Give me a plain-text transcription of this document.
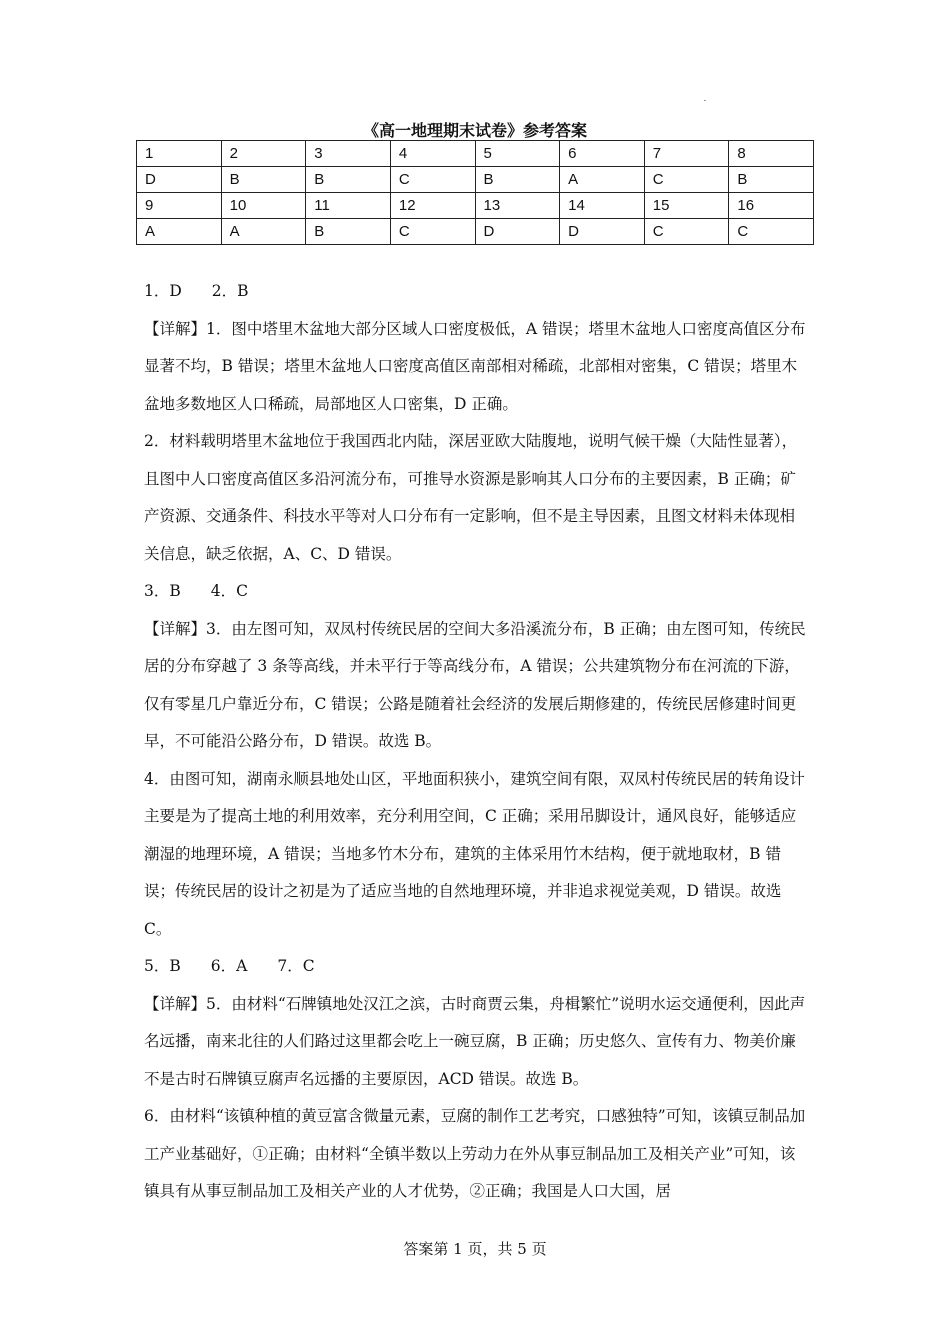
《高一地理期末试卷》参考答案
1	2	3	4	5	6	7	8
D	B	B	C	B	A	C	B
9	10	11	12	13	14	15	16
A	A	B	C	D	D	C	C

1．D 2．B

【详解】1．图中塔里木盆地大部分区域人口密度极低，A 错误；塔里木盆地人口密度高值区分布显著不均，B 错误；塔里木盆地人口密度高值区南部相对稀疏，北部相对密集，C 错误；塔里木盆地多数地区人口稀疏，局部地区人口密集，D 正确。

2．材料载明塔里木盆地位于我国西北内陆，深居亚欧大陆腹地，说明气候干燥（大陆性显著），且图中人口密度高值区多沿河流分布，可推导水资源是影响其人口分布的主要因素，B 正确；矿产资源、交通条件、科技水平等对人口分布有一定影响，但不是主导因素，且图文材料未体现相关信息，缺乏依据，A、C、D 错误。

3．B 4．C

【详解】3．由左图可知，双凤村传统民居的空间大多沿溪流分布，B 正确；由左图可知，传统民居的分布穿越了 3 条等高线，并未平行于等高线分布，A 错误；公共建筑物分布在河流的下游，仅有零星几户靠近分布，C 错误；公路是随着社会经济的发展后期修建的，传统民居修建时间更早，不可能沿公路分布，D 错误。故选 B。

4．由图可知，湖南永顺县地处山区，平地面积狭小，建筑空间有限，双凤村传统民居的转角设计主要是为了提高土地的利用效率，充分利用空间，C 正确；采用吊脚设计，通风良好，能够适应潮湿的地理环境，A 错误；当地多竹木分布，建筑的主体采用竹木结构，便于就地取材，B 错误；传统民居的设计之初是为了适应当地的自然地理环境，并非追求视觉美观，D 错误。故选 C。

5．B 6．A 7．C

【详解】5．由材料“石牌镇地处汉江之滨，古时商贾云集，舟楫繁忙”说明水运交通便利，因此声名远播，南来北往的人们路过这里都会吃上一碗豆腐，B 正确；历史悠久、宣传有力、物美价廉不是古时石牌镇豆腐声名远播的主要原因，ACD 错误。故选 B。

6．由材料“该镇种植的黄豆富含微量元素，豆腐的制作工艺考究，口感独特”可知，该镇豆制品加工产业基础好，①正确；由材料“全镇半数以上劳动力在外从事豆制品加工及相关产业”可知，该镇具有从事豆制品加工及相关产业的人才优势，②正确；我国是人口大国，居

答案第 1 页，共 5 页
